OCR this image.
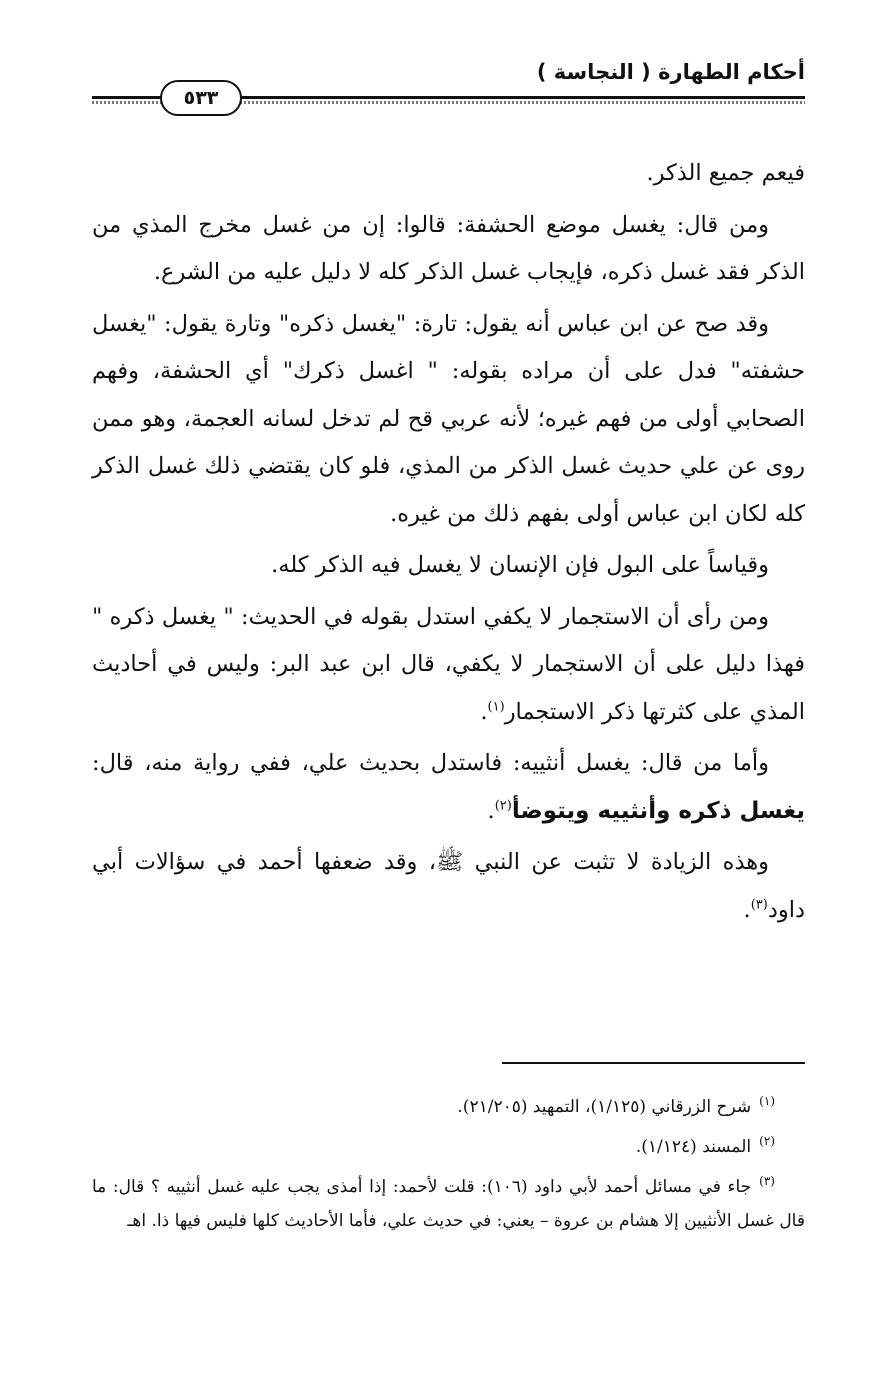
أحكام الطهارة ( النجاسة )
٥٣٣

فيعم جميع الذكر.

ومن قال: يغسل موضع الحشفة: قالوا: إن من غسل مخرج المذي من الذكر فقد غسل ذكره، فإيجاب غسل الذكر كله لا دليل عليه من الشرع.

وقد صح عن ابن عباس أنه يقول: تارة: "يغسل ذكره" وتارة يقول: "يغسل حشفته" فدل على أن مراده بقوله: " اغسل ذكرك" أي الحشفة، وفهم الصحابي أولى من فهم غيره؛ لأنه عربي قح لم تدخل لسانه العجمة، وهو ممن روى عن علي حديث غسل الذكر من المذي، فلو كان يقتضي ذلك غسل الذكر كله لكان ابن عباس أولى بفهم ذلك من غيره.

وقياساً على البول فإن الإنسان لا يغسل فيه الذكر كله.

ومن رأى أن الاستجمار لا يكفي استدل بقوله في الحديث: " يغسل ذكره " فهذا دليل على أن الاستجمار لا يكفي، قال ابن عبد البر: وليس في أحاديث المذي على كثرتها ذكر الاستجمار$^{(١)}$.

وأما من قال: يغسل أنثييه: فاستدل بحديث علي، ففي رواية منه، قال: يغسل ذكره وأنثييه ويتوضأ$^{(٢)}$.

وهذه الزيادة لا تثبت عن النبي ﷺ، وقد ضعفها أحمد في سؤالات أبي داود$^{(٣)}$.

$^{(١)}$شرح الزرقاني (١/١٢٥)، التمهيد (٢١/٢٠٥).

$^{(٢)}$المسند (١/١٢٤).

$^{(٣)}$جاء في مسائل أحمد لأبي داود (١٠٦): قلت لأحمد: إذا أمذى يجب عليه غسل أنثييه ؟ قال: ما قال غسل الأنثيين إلا هشام بن عروة – يعني: في حديث علي، فأما الأحاديث كلها فليس فيها ذا. اهـ
